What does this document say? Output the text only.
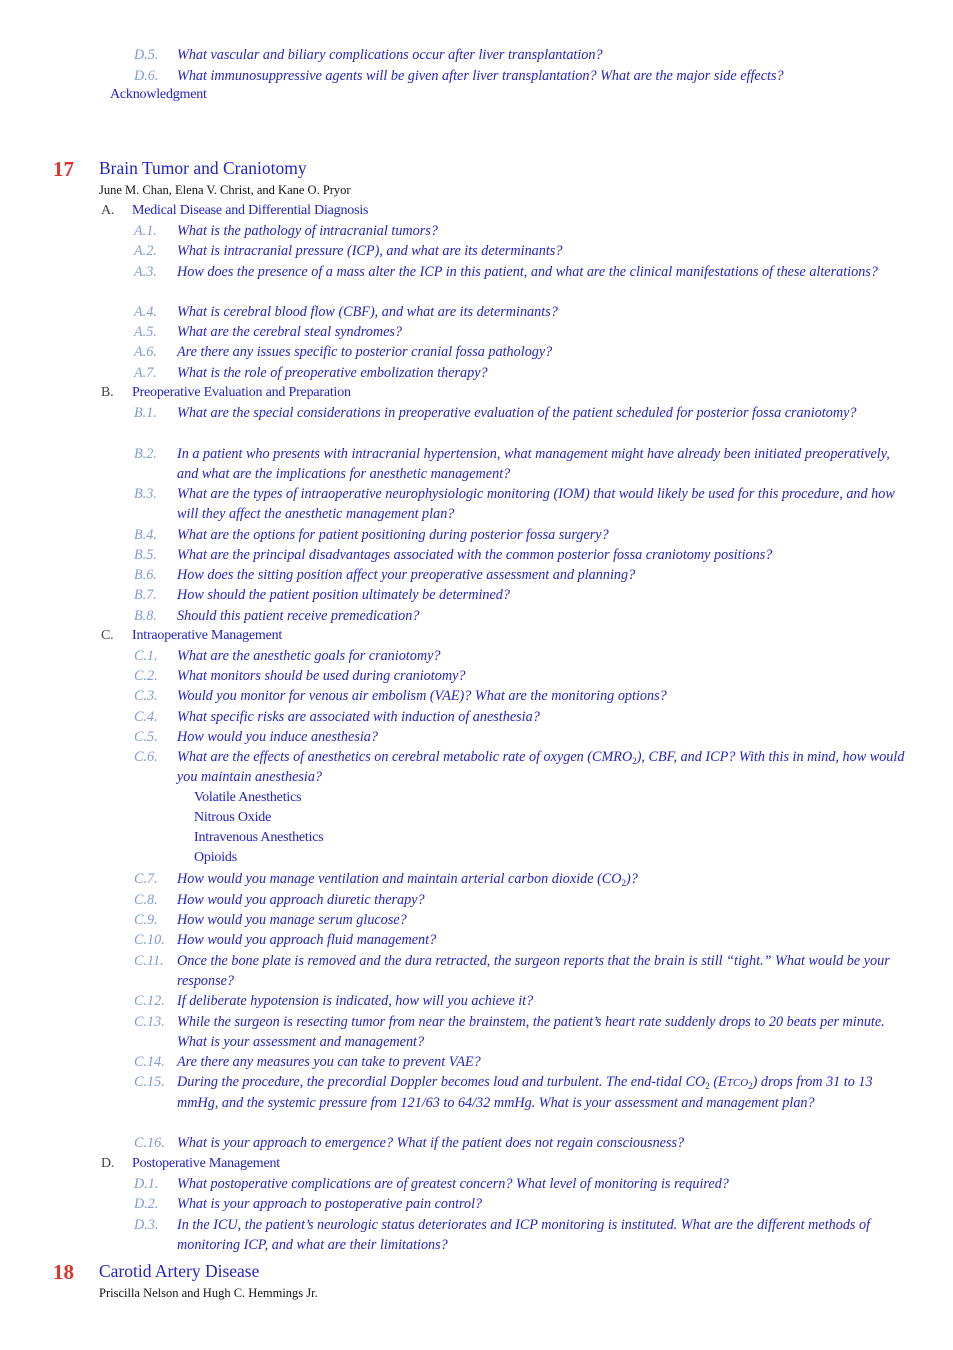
D.5. What vascular and biliary complications occur after liver transplantation?
D.6. What immunosuppressive agents will be given after liver transplantation? What are the major side effects?
Acknowledgment
17 Brain Tumor and Craniotomy
June M. Chan, Elena V. Christ, and Kane O. Pryor
A. Medical Disease and Differential Diagnosis
A.1. What is the pathology of intracranial tumors?
A.2. What is intracranial pressure (ICP), and what are its determinants?
A.3. How does the presence of a mass alter the ICP in this patient, and what are the clinical manifestations of these alterations?
A.4. What is cerebral blood flow (CBF), and what are its determinants?
A.5. What are the cerebral steal syndromes?
A.6. Are there any issues specific to posterior cranial fossa pathology?
A.7. What is the role of preoperative embolization therapy?
B. Preoperative Evaluation and Preparation
B.1. What are the special considerations in preoperative evaluation of the patient scheduled for posterior fossa craniotomy?
B.2. In a patient who presents with intracranial hypertension, what management might have already been initiated preoperatively, and what are the implications for anesthetic management?
B.3. What are the types of intraoperative neurophysiologic monitoring (IOM) that would likely be used for this procedure, and how will they affect the anesthetic management plan?
B.4. What are the options for patient positioning during posterior fossa surgery?
B.5. What are the principal disadvantages associated with the common posterior fossa craniotomy positions?
B.6. How does the sitting position affect your preoperative assessment and planning?
B.7. How should the patient position ultimately be determined?
B.8. Should this patient receive premedication?
C. Intraoperative Management
C.1. What are the anesthetic goals for craniotomy?
C.2. What monitors should be used during craniotomy?
C.3. Would you monitor for venous air embolism (VAE)? What are the monitoring options?
C.4. What specific risks are associated with induction of anesthesia?
C.5. How would you induce anesthesia?
C.6. What are the effects of anesthetics on cerebral metabolic rate of oxygen $(CMRO_2)$, CBF, and ICP? With this in mind, how would you maintain anesthesia?
Volatile Anesthetics
Nitrous Oxide
Intravenous Anesthetics
Opioids
C.7. How would you manage ventilation and maintain arterial carbon dioxide $(CO_2)$?
C.8. How would you approach diuretic therapy?
C.9. How would you manage serum glucose?
C.10. How would you approach fluid management?
C.11. Once the bone plate is removed and the dura retracted, the surgeon reports that the brain is still “tight.” What would be your response?
C.12. If deliberate hypotension is indicated, how will you achieve it?
C.13. While the surgeon is resecting tumor from near the brainstem, the patient’s heart rate suddenly drops to 20 beats per minute. What is your assessment and management?
C.14. Are there any measures you can take to prevent VAE?
C.15. During the procedure, the precordial Doppler becomes loud and turbulent. The end-tidal $CO_2$ $(ETCO_2)$ drops from 31 to 13 mmHg, and the systemic pressure from 121/63 to 64/32 mmHg. What is your assessment and management plan?
C.16. What is your approach to emergence? What if the patient does not regain consciousness?
D. Postoperative Management
D.1. What postoperative complications are of greatest concern? What level of monitoring is required?
D.2. What is your approach to postoperative pain control?
D.3. In the ICU, the patient’s neurologic status deteriorates and ICP monitoring is instituted. What are the different methods of monitoring ICP, and what are their limitations?
18 Carotid Artery Disease
Priscilla Nelson and Hugh C. Hemmings Jr.
